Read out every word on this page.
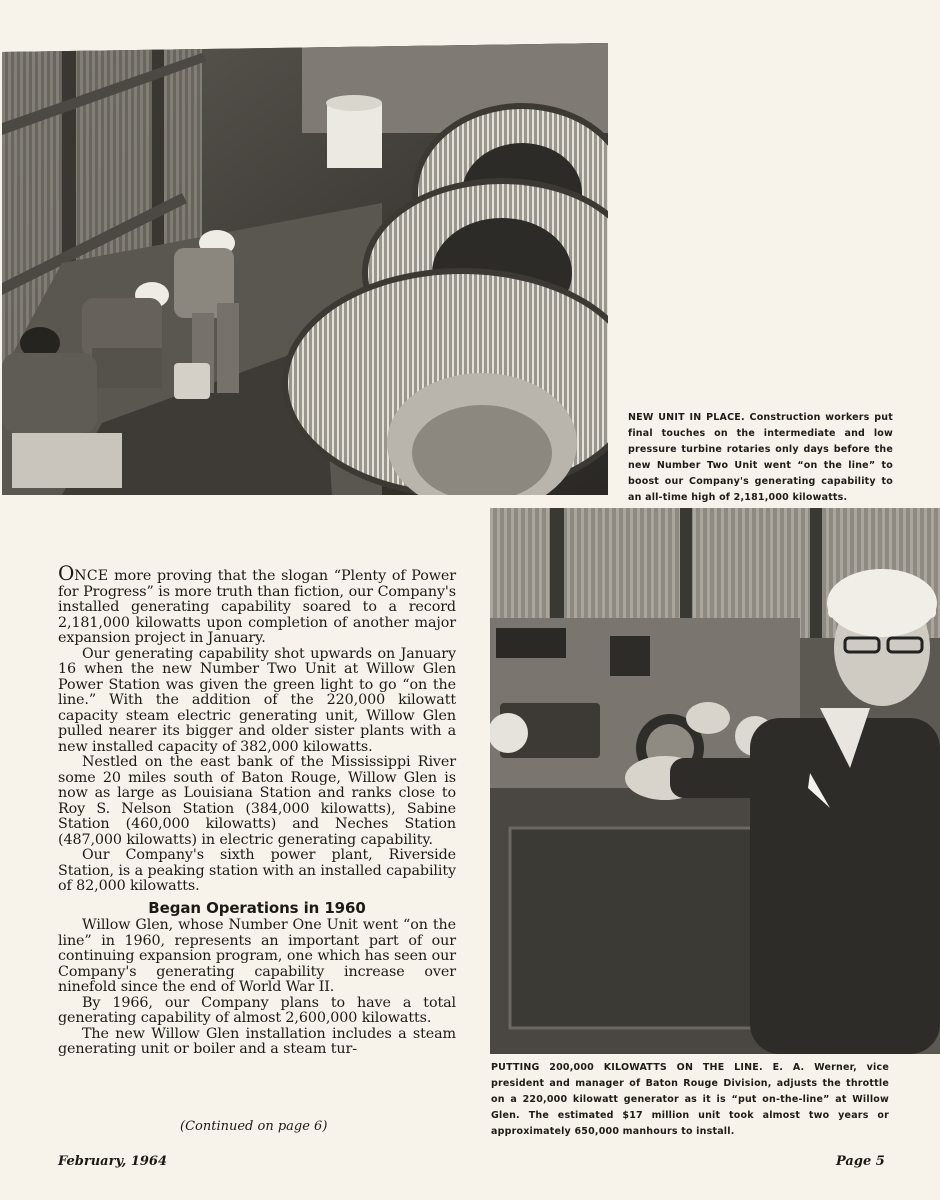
NEW UNIT IN PLACE. Construction workers put final touches on the intermediate and low pressure turbine rotaries only days before the new Number Two Unit went “on the line” to boost our Company's generating capability to an all-time high of 2,181,000 kilowatts.
PUTTING 200,000 KILOWATTS ON THE LINE. E. A. Werner, vice president and manager of Baton Rouge Division, adjusts the throttle on a 220,000 kilowatt generator as it is “put on-the-line” at Willow Glen. The estimated $17 million unit took almost two years or approximately 650,000 manhours to install.

ONCE more proving that the slogan “Plenty of Power for Progress” is more truth than fiction, our Company's installed generating capability soared to a record 2,181,000 kilowatts upon completion of another major expansion project in January.

Our generating capability shot upwards on January 16 when the new Number Two Unit at Willow Glen Power Station was given the green light to go “on the line.” With the addition of the 220,000 kilowatt capacity steam electric generating unit, Willow Glen pulled nearer its bigger and older sister plants with a new installed capacity of 382,000 kilowatts.

Nestled on the east bank of the Mississippi River some 20 miles south of Baton Rouge, Willow Glen is now as large as Louisiana Station and ranks close to Roy S. Nelson Station (384,000 kilowatts), Sabine Station (460,000 kilowatts) and Neches Station (487,000 kilowatts) in electric generating capability.

Our Company's sixth power plant, Riverside Station, is a peaking station with an installed capability of 82,000 kilowatts.

Began Operations in 1960

Willow Glen, whose Number One Unit went “on the line” in 1960, represents an important part of our continuing expansion program, one which has seen our Company's generating capability increase over ninefold since the end of World War II.

By 1966, our Company plans to have a total generating capability of almost 2,600,000 kilowatts.

The new Willow Glen installation includes a steam generating unit or boiler and a steam tur-

(Continued on page 6)
February, 1964	Page 5
